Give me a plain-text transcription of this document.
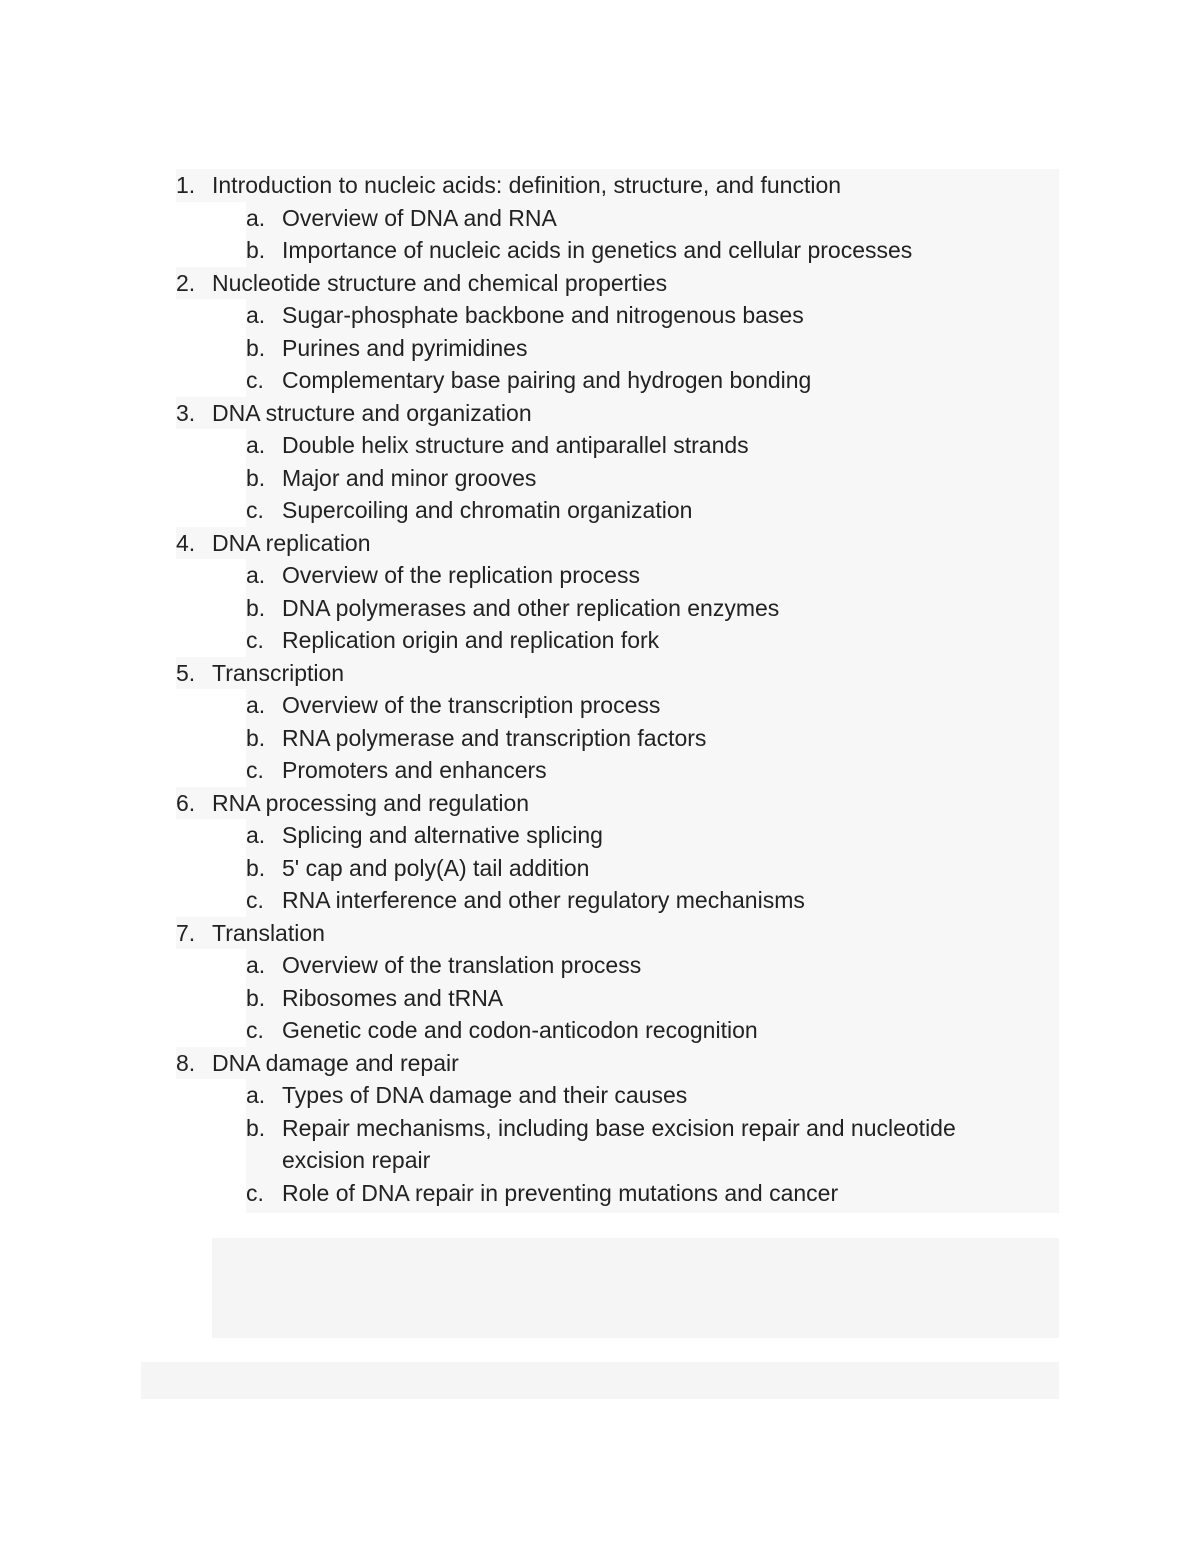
1. Introduction to nucleic acids: definition, structure, and function
a. Overview of DNA and RNA
b. Importance of nucleic acids in genetics and cellular processes
2. Nucleotide structure and chemical properties
a. Sugar-phosphate backbone and nitrogenous bases
b. Purines and pyrimidines
c. Complementary base pairing and hydrogen bonding
3. DNA structure and organization
a. Double helix structure and antiparallel strands
b. Major and minor grooves
c. Supercoiling and chromatin organization
4. DNA replication
a. Overview of the replication process
b. DNA polymerases and other replication enzymes
c. Replication origin and replication fork
5. Transcription
a. Overview of the transcription process
b. RNA polymerase and transcription factors
c. Promoters and enhancers
6. RNA processing and regulation
a. Splicing and alternative splicing
b. 5' cap and poly(A) tail addition
c. RNA interference and other regulatory mechanisms
7. Translation
a. Overview of the translation process
b. Ribosomes and tRNA
c. Genetic code and codon-anticodon recognition
8. DNA damage and repair
a. Types of DNA damage and their causes
b. Repair mechanisms, including base excision repair and nucleotide excision repair
c. Role of DNA repair in preventing mutations and cancer
